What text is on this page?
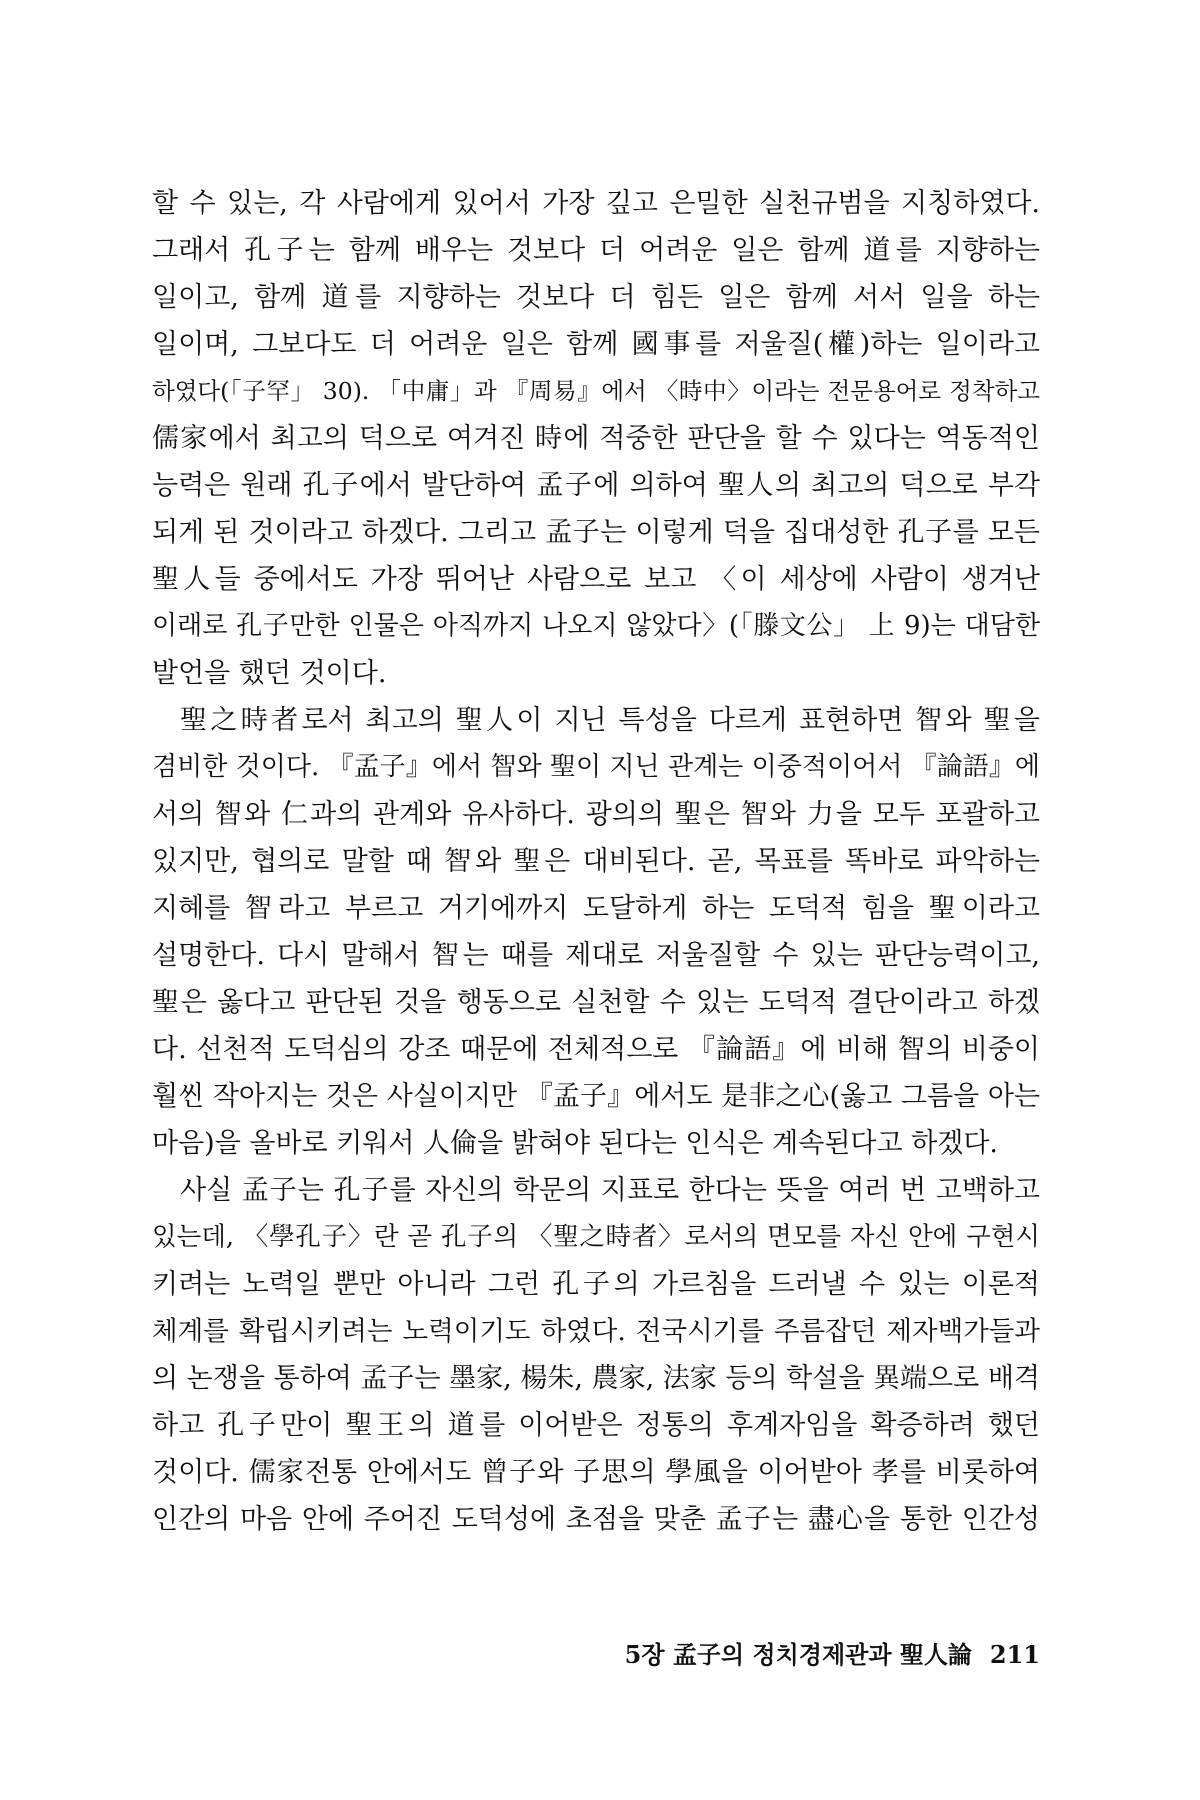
할 수 있는, 각 사람에게 있어서 가장 깊고 은밀한 실천규범을 지칭하였다.
그래서 孔子는 함께 배우는 것보다 더 어려운 일은 함께 道를 지향하는
일이고, 함께 道를 지향하는 것보다 더 힘든 일은 함께 서서 일을 하는
일이며, 그보다도 더 어려운 일은 함께 國事를 저울질(權)하는 일이라고
하였다(「子罕」 30). 「中庸」과 『周易』에서 〈時中〉이라는 전문용어로 정착하고
儒家에서 최고의 덕으로 여겨진 時에 적중한 판단을 할 수 있다는 역동적인
능력은 원래 孔子에서 발단하여 孟子에 의하여 聖人의 최고의 덕으로 부각
되게 된 것이라고 하겠다. 그리고 孟子는 이렇게 덕을 집대성한 孔子를 모든
聖人들 중에서도 가장 뛰어난 사람으로 보고 〈이 세상에 사람이 생겨난
이래로 孔子만한 인물은 아직까지 나오지 않았다〉(「滕文公」 上 9)는 대담한
발언을 했던 것이다.
聖之時者로서 최고의 聖人이 지닌 특성을 다르게 표현하면 智와 聖을
겸비한 것이다. 『孟子』에서 智와 聖이 지닌 관계는 이중적이어서 『論語』에
서의 智와 仁과의 관계와 유사하다. 광의의 聖은 智와 力을 모두 포괄하고
있지만, 협의로 말할 때 智와 聖은 대비된다. 곧, 목표를 똑바로 파악하는
지혜를 智라고 부르고 거기에까지 도달하게 하는 도덕적 힘을 聖이라고
설명한다. 다시 말해서 智는 때를 제대로 저울질할 수 있는 판단능력이고,
聖은 옳다고 판단된 것을 행동으로 실천할 수 있는 도덕적 결단이라고 하겠
다. 선천적 도덕심의 강조 때문에 전체적으로 『論語』에 비해 智의 비중이
훨씬 작아지는 것은 사실이지만 『孟子』에서도 是非之心(옳고 그름을 아는
마음)을 올바로 키워서 人倫을 밝혀야 된다는 인식은 계속된다고 하겠다.
사실 孟子는 孔子를 자신의 학문의 지표로 한다는 뜻을 여러 번 고백하고
있는데, 〈學孔子〉란 곧 孔子의 〈聖之時者〉로서의 면모를 자신 안에 구현시
키려는 노력일 뿐만 아니라 그런 孔子의 가르침을 드러낼 수 있는 이론적
체계를 확립시키려는 노력이기도 하였다. 전국시기를 주름잡던 제자백가들과
의 논쟁을 통하여 孟子는 墨家, 楊朱, 農家, 法家 등의 학설을 異端으로 배격
하고 孔子만이 聖王의 道를 이어받은 정통의 후계자임을 확증하려 했던
것이다. 儒家전통 안에서도 曾子와 子思의 學風을 이어받아 孝를 비롯하여
인간의 마음 안에 주어진 도덕성에 초점을 맞춘 孟子는 盡心을 통한 인간성
5장 孟子의 정치경제관과 聖人論 211
